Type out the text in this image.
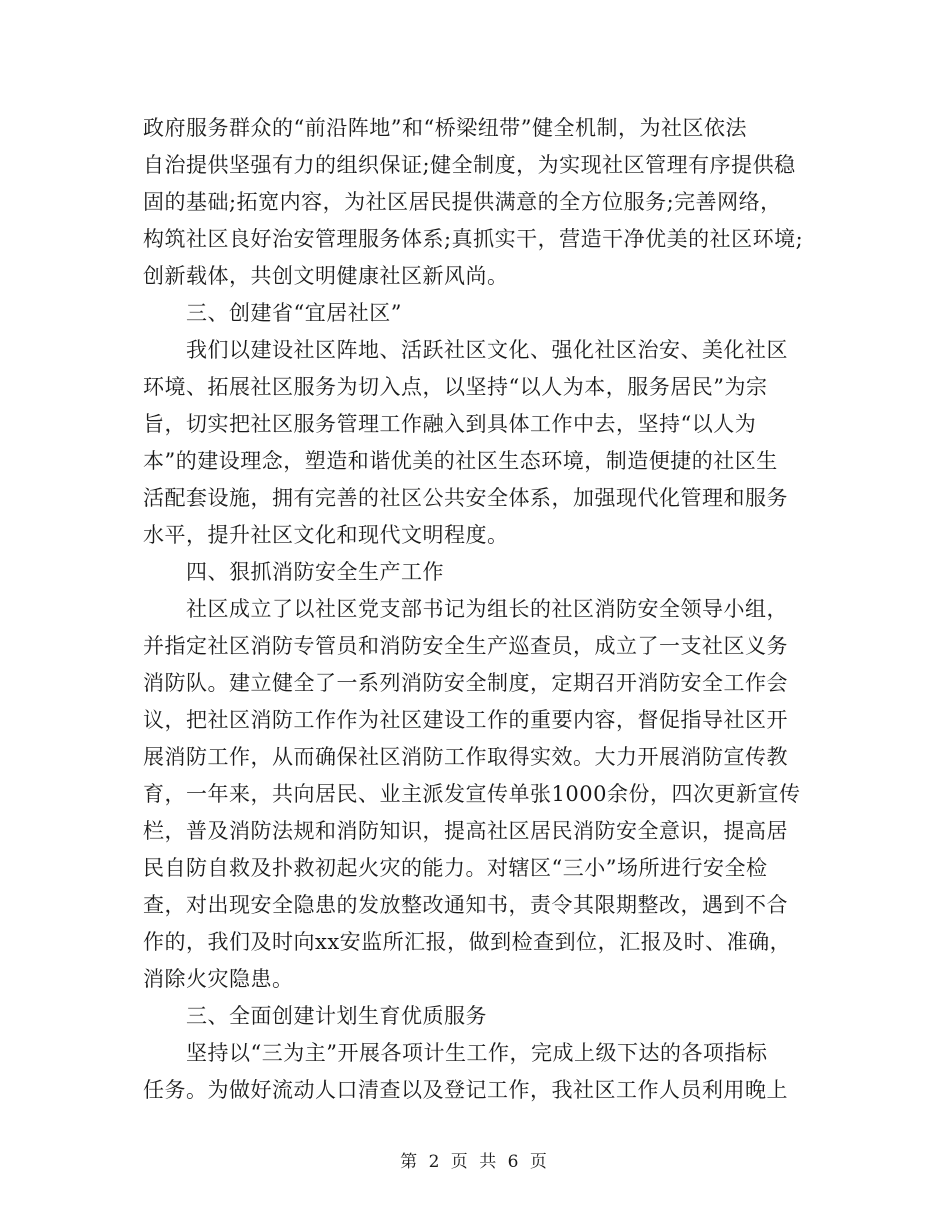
政府服务群众的“前沿阵地”和“桥梁纽带”健全机制，为社区依法
自治提供坚强有力的组织保证;健全制度，为实现社区管理有序提供稳
固的基础;拓宽内容，为社区居民提供满意的全方位服务;完善网络，
构筑社区良好治安管理服务体系;真抓实干，营造干净优美的社区环境;
创新载体，共创文明健康社区新风尚。
三、创建省“宜居社区”
我们以建设社区阵地、活跃社区文化、强化社区治安、美化社区
环境、拓展社区服务为切入点，以坚持“以人为本，服务居民”为宗
旨，切实把社区服务管理工作融入到具体工作中去，坚持“以人为
本”的建设理念，塑造和谐优美的社区生态环境，制造便捷的社区生
活配套设施，拥有完善的社区公共安全体系，加强现代化管理和服务
水平，提升社区文化和现代文明程度。
四、狠抓消防安全生产工作
社区成立了以社区党支部书记为组长的社区消防安全领导小组，
并指定社区消防专管员和消防安全生产巡查员，成立了一支社区义务
消防队。建立健全了一系列消防安全制度，定期召开消防安全工作会
议，把社区消防工作作为社区建设工作的重要内容，督促指导社区开
展消防工作，从而确保社区消防工作取得实效。大力开展消防宣传教
育，一年来，共向居民、业主派发宣传单张1000余份，四次更新宣传
栏，普及消防法规和消防知识，提高社区居民消防安全意识，提高居
民自防自救及扑救初起火灾的能力。对辖区“三小”场所进行安全检
查，对出现安全隐患的发放整改通知书，责令其限期整改，遇到不合
作的，我们及时向xx安监所汇报，做到检查到位，汇报及时、准确，
消除火灾隐患。
三、全面创建计划生育优质服务
坚持以“三为主”开展各项计生工作，完成上级下达的各项指标
任务。为做好流动人口清查以及登记工作，我社区工作人员利用晚上
第 2 页 共 6 页
